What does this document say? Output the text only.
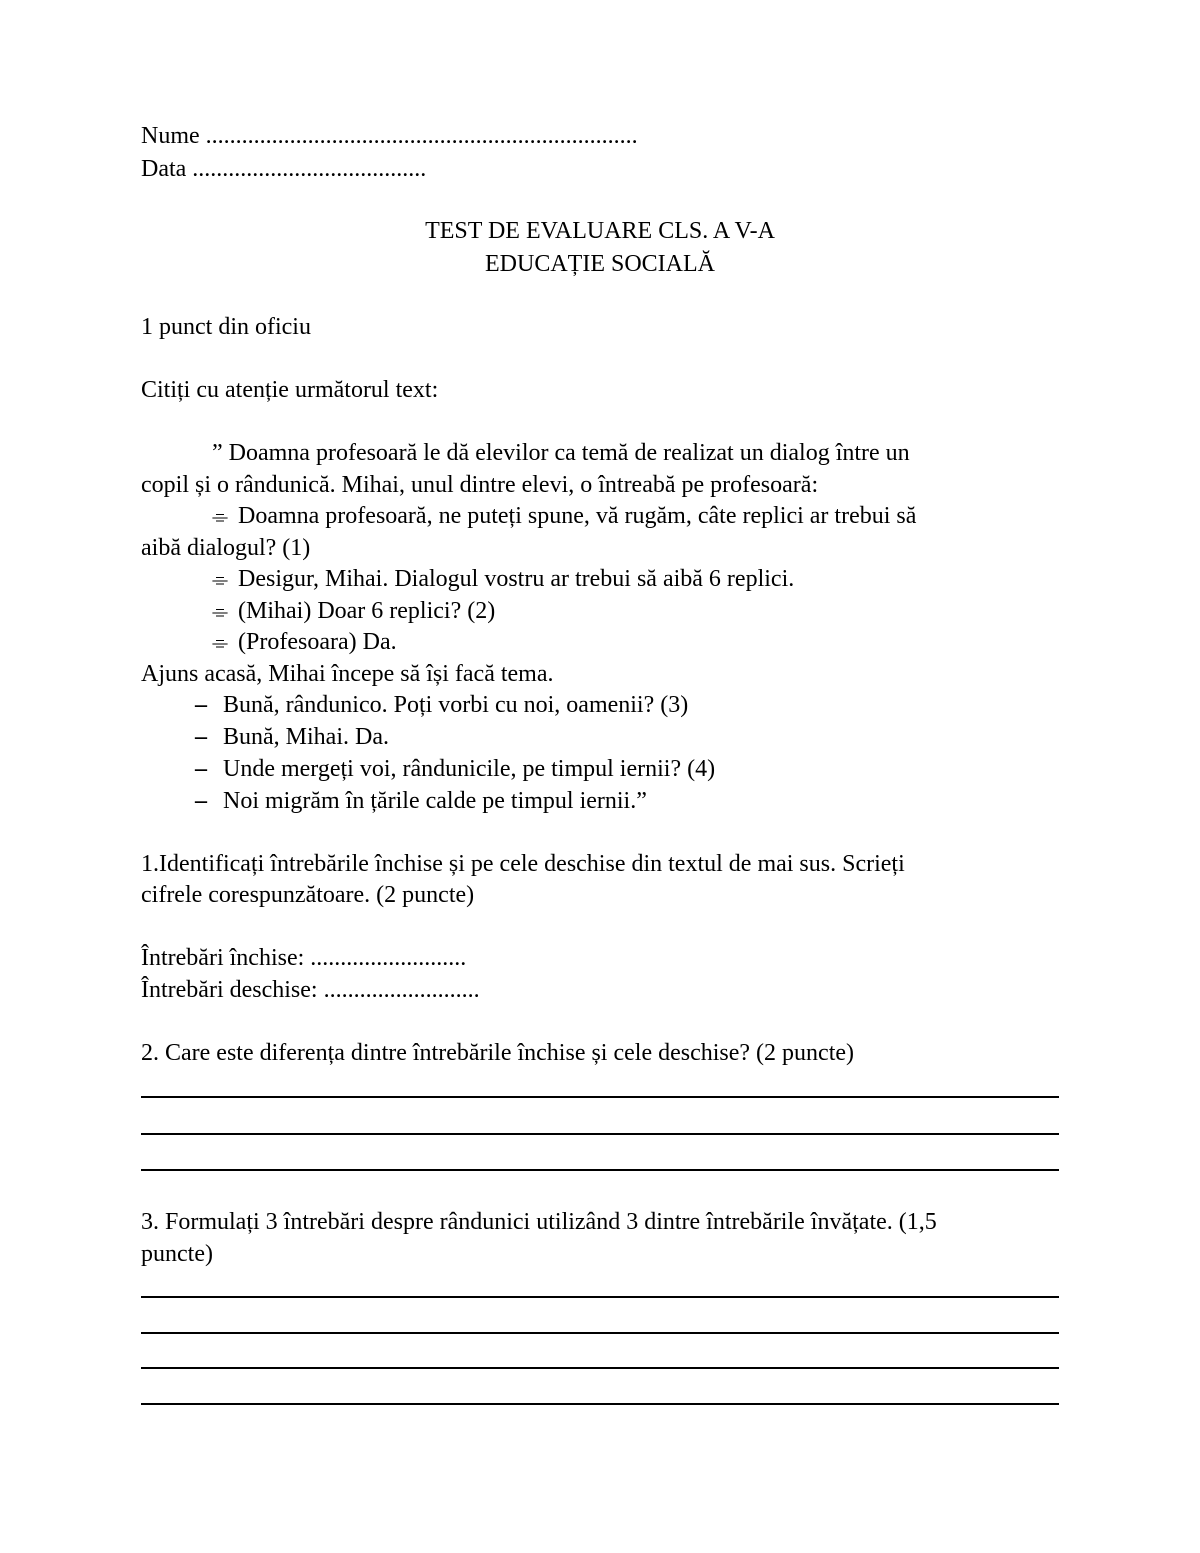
Nume ........................................................................
Data .......................................
TEST DE EVALUARE CLS. A V-A
EDUCAȚIE SOCIALĂ
1 punct din oficiu
Citiți cu atenție următorul text:
” Doamna profesoară le dă elevilor ca temă de realizat un dialog între un
copil și o rândunică. Mihai, unul dintre elevi, o întreabă pe profesoară:
⌯ Doamna profesoară, ne puteți spune, vă rugăm, câte replici ar trebui să
aibă dialogul? (1)
⌯ Desigur, Mihai. Dialogul vostru ar trebui să aibă 6 replici.
⌯ (Mihai) Doar 6 replici? (2)
⌯ (Profesoara) Da.
Ajuns acasă, Mihai începe să își facă tema.
– Bună, rândunico. Poți vorbi cu noi, oamenii? (3)
– Bună, Mihai. Da.
– Unde mergeți voi, rândunicile, pe timpul iernii? (4)
– Noi migrăm în țările calde pe timpul iernii.”
1.Identificați întrebările închise și pe cele deschise din textul de mai sus. Scrieți
cifrele corespunzătoare. (2 puncte)
Întrebări închise: ..........................
Întrebări deschise: ..........................
2. Care este diferența dintre întrebările închise și cele deschise? (2 puncte)
3. Formulați 3 întrebări despre rândunici utilizând 3 dintre întrebările învățate. (1,5
puncte)
